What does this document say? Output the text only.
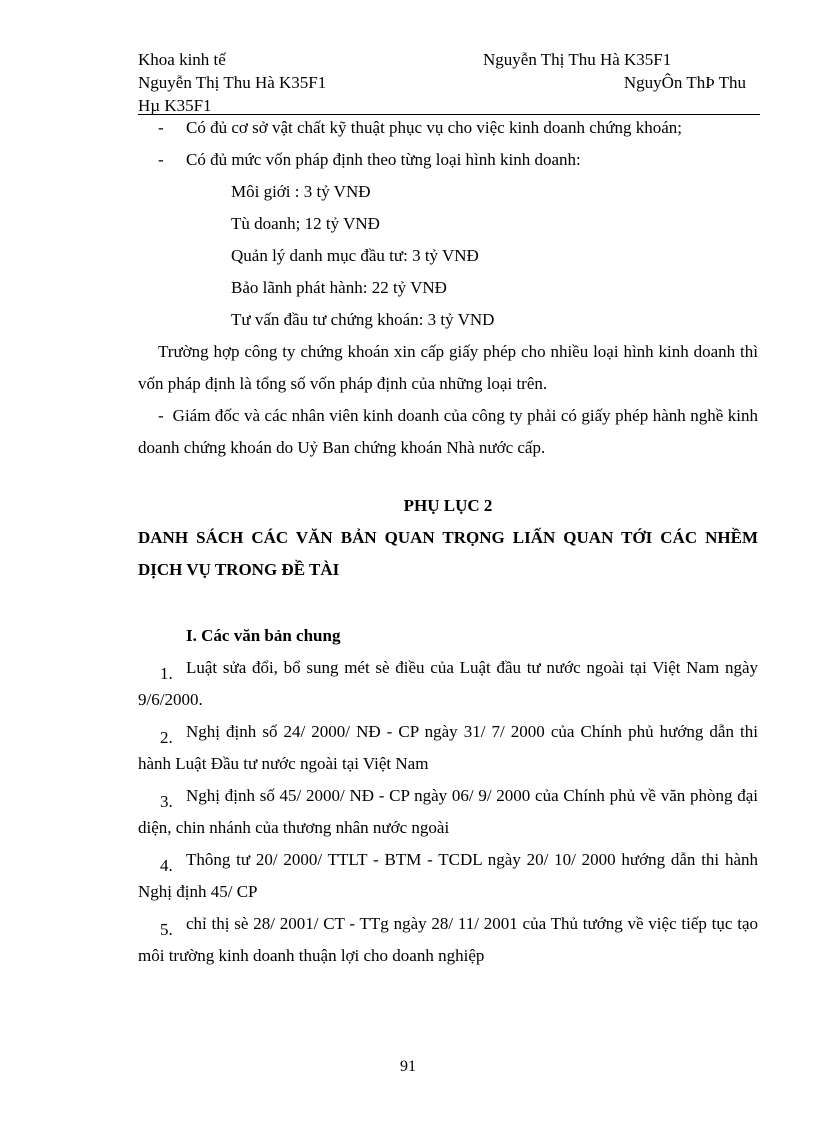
Khoa kinh tế	Nguyễn Thị Thu Hà K35F1
Nguyễn Thị Thu Hà K35F1	NguyÔn ThÞ Thu
Hµ K35F1
- Có đủ cơ sở vật chất kỹ thuật phục vụ cho việc kinh doanh chứng khoán;
- Có đủ mức vốn pháp định theo từng loại hình kinh doanh:
Môi giới : 3 tỷ VNĐ
Tù doanh; 12 tỷ VNĐ
Quản lý danh mục đầu tư: 3 tỷ VNĐ
Bảo lãnh phát hành: 22 tỷ VNĐ
Tư vấn đầu tư chứng khoán: 3 tỷ VND

Trường hợp công ty chứng khoán xin cấp giấy phép cho nhiều loại hình kinh doanh thì vốn pháp định là tổng số vốn pháp định của những loại trên.

- Giám đốc và các nhân viên kinh doanh của công ty phải có giấy phép hành nghề kinh doanh chứng khoán do Uỷ Ban chứng khoán Nhà nước cấp.

PHỤ LỤC 2

DANH SÁCH CÁC VĂN BẢN QUAN TRỌNG LIẤN QUAN TỚI CÁC NHỀM DỊCH VỤ TRONG ĐỀ TÀI

I. Các văn bản chung

1. Luật sửa đổi, bổ sung mét sè điều của Luật đầu tư nước ngoài tại Việt Nam ngày 9/6/2000.

2. Nghị định số 24/ 2000/ NĐ - CP ngày 31/ 7/ 2000 của Chính phủ hướng dẫn thi hành Luật Đầu tư nước ngoài tại Việt Nam

3. Nghị định số 45/ 2000/ NĐ - CP ngày 06/ 9/ 2000 của Chính phủ về văn phòng đại diện, chin nhánh của thương nhân nước ngoài

4. Thông tư 20/ 2000/ TTLT - BTM - TCDL ngày 20/ 10/ 2000 hướng dẫn thi hành Nghị định 45/ CP

5. chỉ thị sè 28/ 2001/ CT - TTg ngày 28/ 11/ 2001 của Thủ tướng về việc tiếp tục tạo môi trường kinh doanh thuận lợi cho doanh nghiệp

91
